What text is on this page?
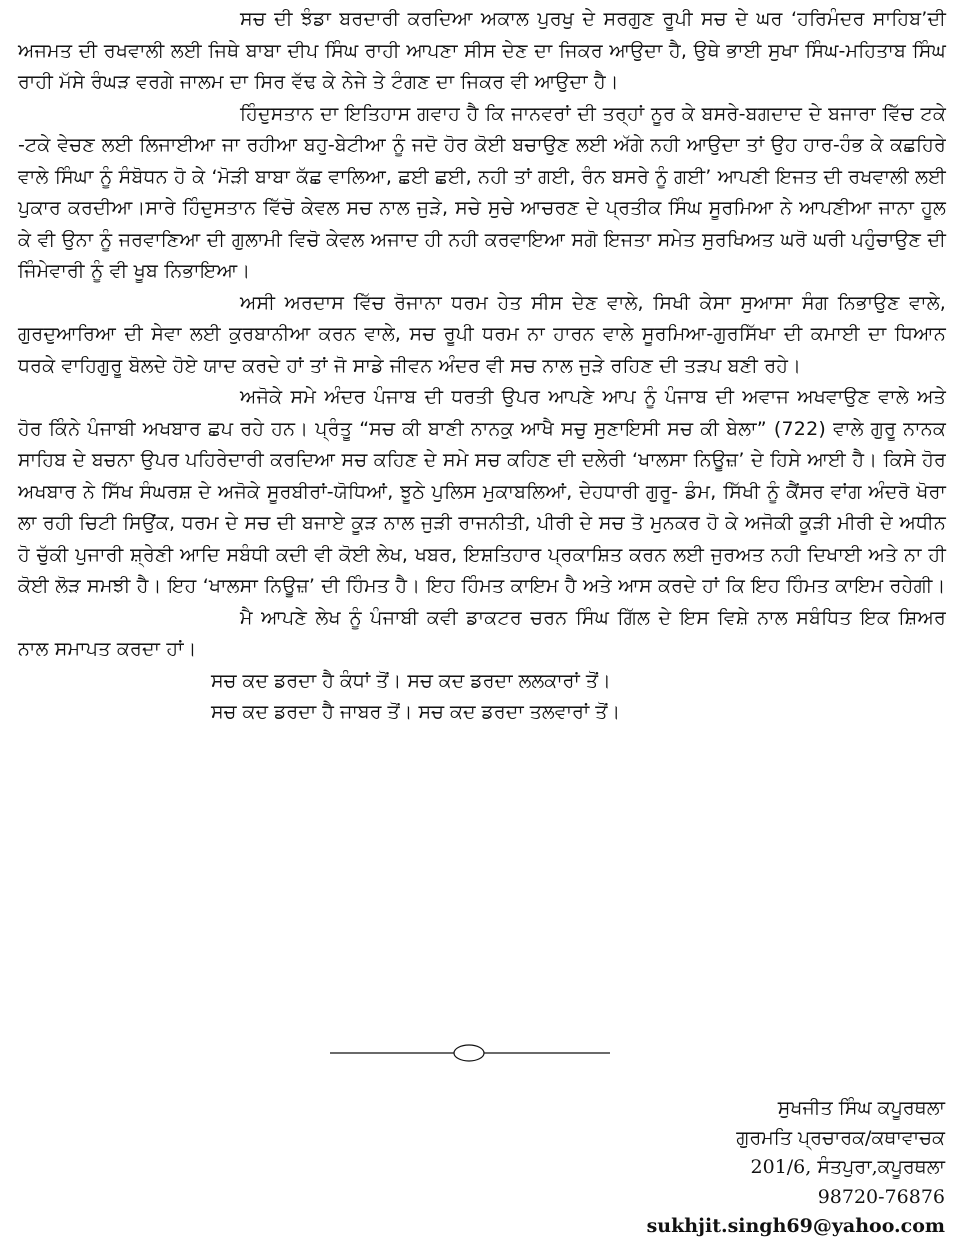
ਸਚ ਦੀ ਝੰਡਾ ਬਰਦਾਰੀ ਕਰਦਿਆ ਅਕਾਲ ਪੁਰਖੁ ਦੇ ਸਰਗੁਣ ਰੂਪੀ ਸਚ ਦੇ ਘਰ ‘ਹਰਿਮੰਦਰ ਸਾਹਿਬ’ਦੀ ਅਜਮਤ ਦੀ ਰਖਵਾਲੀ ਲਈ ਜਿਥੇ ਬਾਬਾ ਦੀਪ ਸਿੰਘ ਰਾਹੀ ਆਪਣਾ ਸੀਸ ਦੇਣ ਦਾ ਜਿਕਰ ਆਉਦਾ ਹੈ, ਉਥੇ ਭਾਈ ਸੁਖਾ ਸਿੰਘ-ਮਹਿਤਾਬ ਸਿੰਘ ਰਾਹੀ ਮੱਸੇ ਰੰਘੜ ਵਰਗੇ ਜਾਲਮ ਦਾ ਸਿਰ ਵੱਢ ਕੇ ਨੇਜੇ ਤੇ ਟੰਗਣ ਦਾ ਜਿਕਰ ਵੀ ਆਉਦਾ ਹੈ।

ਹਿੰਦੁਸਤਾਨ ਦਾ ਇਤਿਹਾਸ ਗਵਾਹ ਹੈ ਕਿ ਜਾਨਵਰਾਂ ਦੀ ਤਰ੍ਹਾਂ ਨੂਰ ਕੇ ਬਸਰੇ-ਬਗਦਾਦ ਦੇ ਬਜਾਰਾ ਵਿੱਚ ਟਕੇ -ਟਕੇ ਵੇਚਣ ਲਈ ਲਿਜਾਈਆ ਜਾ ਰਹੀਆ ਬਹੁ-ਬੇਟੀਆ ਨੂੰ ਜਦੋ ਹੋਰ ਕੋਈ ਬਚਾਉਣ ਲਈ ਅੱਗੇ ਨਹੀ ਆਉਦਾ ਤਾਂ ਉਹ ਹਾਰ-ਹੰਭ ਕੇ ਕਛਹਿਰੇ ਵਾਲੇ ਸਿੰਘਾ ਨੂੰ ਸੰਬੋਧਨ ਹੋ ਕੇ ‘ਮੋੜੀ ਬਾਬਾ ਕੱਛ ਵਾਲਿਆ, ਛਈ ਛਈ, ਨਹੀ ਤਾਂ ਗਈ, ਰੰਨ ਬਸਰੇ ਨੂੰ ਗਈ’ ਆਪਣੀ ਇਜਤ ਦੀ ਰਖਵਾਲੀ ਲਈ ਪੁਕਾਰ ਕਰਦੀਆ।ਸਾਰੇ ਹਿੰਦੁਸਤਾਨ ਵਿੱਚੋ ਕੇਵਲ ਸਚ ਨਾਲ ਜੁੜੇ, ਸਚੇ ਸੁਚੇ ਆਚਰਣ ਦੇ ਪ੍ਰਤੀਕ ਸਿੰਘ ਸੂਰਮਿਆ ਨੇ ਆਪਣੀਆ ਜਾਨਾ ਹੂਲ ਕੇ ਵੀ ਉਨਾ ਨੂੰ ਜਰਵਾਣਿਆ ਦੀ ਗੁਲਾਮੀ ਵਿਚੋ ਕੇਵਲ ਅਜਾਦ ਹੀ ਨਹੀ ਕਰਵਾਇਆ ਸਗੋ ਇਜਤਾ ਸਮੇਤ ਸੁਰਖਿਅਤ ਘਰੋ ਘਰੀ ਪਹੁੰਚਾਉਣ ਦੀ ਜਿੰਮੇਵਾਰੀ ਨੂੰ ਵੀ ਖੂਬ ਨਿਭਾਇਆ।

ਅਸੀ ਅਰਦਾਸ ਵਿੱਚ ਰੋਜਾਨਾ ਧਰਮ ਹੇਤ ਸੀਸ ਦੇਣ ਵਾਲੇ, ਸਿਖੀ ਕੇਸਾ ਸੁਆਸਾ ਸੰਗ ਨਿਭਾਉਣ ਵਾਲੇ, ਗੁਰਦੁਆਰਿਆ ਦੀ ਸੇਵਾ ਲਈ ਕੁਰਬਾਨੀਆ ਕਰਨ ਵਾਲੇ, ਸਚ ਰੂਪੀ ਧਰਮ ਨਾ ਹਾਰਨ ਵਾਲੇ ਸੂਰਮਿਆ-ਗੁਰਸਿੱਖਾ ਦੀ ਕਮਾਈ ਦਾ ਧਿਆਨ ਧਰਕੇ ਵਾਹਿਗੁਰੂ ਬੋਲਦੇ ਹੋਏ ਯਾਦ ਕਰਦੇ ਹਾਂ ਤਾਂ ਜੋ ਸਾਡੇ ਜੀਵਨ ਅੰਦਰ ਵੀ ਸਚ ਨਾਲ ਜੁੜੇ ਰਹਿਣ ਦੀ ਤੜਪ ਬਣੀ ਰਹੇ।

ਅਜੋਕੇ ਸਮੇ ਅੰਦਰ ਪੰਜਾਬ ਦੀ ਧਰਤੀ ਉਪਰ ਆਪਣੇ ਆਪ ਨੂੰ ਪੰਜਾਬ ਦੀ ਅਵਾਜ ਅਖਵਾਉਣ ਵਾਲੇ ਅਤੇ ਹੋਰ ਕਿੰਨੇ ਪੰਜਾਬੀ ਅਖਬਾਰ ਛਪ ਰਹੇ ਹਨ। ਪ੍ਰੰਤੂ “ਸਚ ਕੀ ਬਾਣੀ ਨਾਨਕੁ ਆਖੈ ਸਚੁ ਸੁਣਾਇਸੀ ਸਚ ਕੀ ਬੇਲਾ” (722) ਵਾਲੇ ਗੁਰੂ ਨਾਨਕ ਸਾਹਿਬ ਦੇ ਬਚਨਾ ਉਪਰ ਪਹਿਰੇਦਾਰੀ ਕਰਦਿਆ ਸਚ ਕਹਿਣ ਦੇ ਸਮੇ ਸਚ ਕਹਿਣ ਦੀ ਦਲੇਰੀ ‘ਖਾਲਸਾ ਨਿਊਜ਼’ ਦੇ ਹਿਸੇ ਆਈ ਹੈ। ਕਿਸੇ ਹੋਰ ਅਖਬਾਰ ਨੇ ਸਿੱਖ ਸੰਘਰਸ਼ ਦੇ ਅਜੋਕੇ ਸੂਰਬੀਰਾਂ-ਯੋਧਿਆਂ, ਝੂਠੇ ਪੁਲਿਸ ਮੁਕਾਬਲਿਆਂ, ਦੇਹਧਾਰੀ ਗੁਰੂ- ਡੰਮ, ਸਿੱਖੀ ਨੂੰ ਕੈਂਸਰ ਵਾਂਗ ਅੰਦਰੋ ਖੋਰਾ ਲਾ ਰਹੀ ਚਿਟੀ ਸਿਉਂਕ, ਧਰਮ ਦੇ ਸਚ ਦੀ ਬਜਾਏ ਕੂੜ ਨਾਲ ਜੁੜੀ ਰਾਜਨੀਤੀ, ਪੀਰੀ ਦੇ ਸਚ ਤੋ ਮੁਨਕਰ ਹੋ ਕੇ ਅਜੋਕੀ ਕੂੜੀ ਮੀਰੀ ਦੇ ਅਧੀਨ ਹੋ ਚੁੱਕੀ ਪੁਜਾਰੀ ਸ਼੍ਰੇਣੀ ਆਦਿ ਸਬੰਧੀ ਕਦੀ ਵੀ ਕੋਈ ਲੇਖ, ਖਬਰ, ਇਸ਼ਤਿਹਾਰ ਪ੍ਰਕਾਸ਼ਿਤ ਕਰਨ ਲਈ ਜੁਰਅਤ ਨਹੀ ਦਿਖਾਈ ਅਤੇ ਨਾ ਹੀ ਕੋਈ ਲੋੜ ਸਮਝੀ ਹੈ। ਇਹ ‘ਖਾਲਸਾ ਨਿਊਜ਼’ ਦੀ ਹਿੰਮਤ ਹੈ। ਇਹ ਹਿੰਮਤ ਕਾਇਮ ਹੈ ਅਤੇ ਆਸ ਕਰਦੇ ਹਾਂ ਕਿ ਇਹ ਹਿੰਮਤ ਕਾਇਮ ਰਹੇਗੀ।

ਮੈ ਆਪਣੇ ਲੇਖ ਨੂੰ ਪੰਜਾਬੀ ਕਵੀ ਡਾਕਟਰ ਚਰਨ ਸਿੰਘ ਗਿੱਲ ਦੇ ਇਸ ਵਿਸ਼ੇ ਨਾਲ ਸਬੰਧਿਤ ਇਕ ਸ਼ਿਅਰ ਨਾਲ ਸਮਾਪਤ ਕਰਦਾ ਹਾਂ।

ਸਚ ਕਦ ਡਰਦਾ ਹੈ ਕੰਧਾਂ ਤੋਂ। ਸਚ ਕਦ ਡਰਦਾ ਲਲਕਾਰਾਂ ਤੋਂ।

ਸਚ ਕਦ ਡਰਦਾ ਹੈ ਜਾਬਰ ਤੋਂ। ਸਚ ਕਦ ਡਰਦਾ ਤਲਵਾਰਾਂ ਤੋਂ।

ਸੁਖਜੀਤ ਸਿੰਘ ਕਪੂਰਥਲਾ
ਗੁਰਮਤਿ ਪ੍ਰਚਾਰਕ/ਕਥਾਵਾਚਕ
201/6, ਸੰਤਪੁਰਾ,ਕਪੂਰਥਲਾ
98720-76876
sukhjit.singh69@yahoo.com
